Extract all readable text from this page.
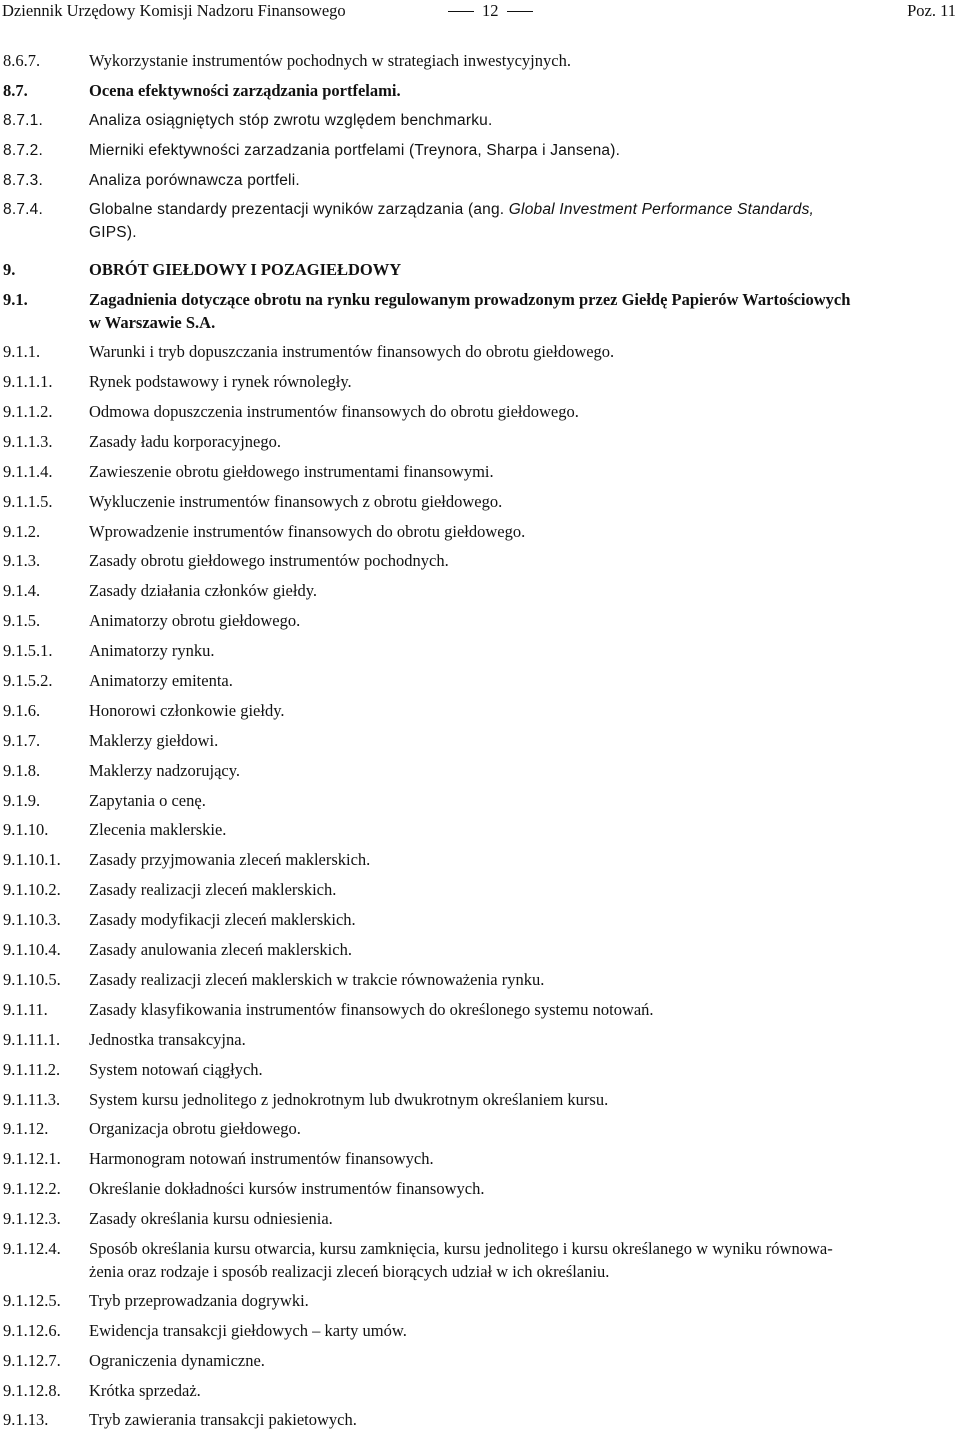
Dziennik Urzędowy Komisji Nadzoru Finansowego	12	Poz. 11
8.6.7.	Wykorzystanie instrumentów pochodnych w strategiach inwestycyjnych.
8.7.	Ocena efektywności zarządzania portfelami.
8.7.1.	Analiza osiągniętych stóp zwrotu względem benchmarku.
8.7.2.	Mierniki efektywności zarzadzania portfelami (Treynora, Sharpa i Jansena).
8.7.3.	Analiza porównawcza portfeli.
8.7.4.	Globalne standardy prezentacji wyników zarządzania (ang. Global Investment Performance Standards,
GIPS).
9.	OBRÓT GIEŁDOWY I POZAGIEŁDOWY
9.1.	Zagadnienia dotyczące obrotu na rynku regulowanym prowadzonym przez Giełdę Papierów Wartościowych
w Warszawie S.A.
9.1.1.	Warunki i tryb dopuszczania instrumentów finansowych do obrotu giełdowego.
9.1.1.1.	Rynek podstawowy i rynek równoległy.
9.1.1.2.	Odmowa dopuszczenia instrumentów finansowych do obrotu giełdowego.
9.1.1.3.	Zasady ładu korporacyjnego.
9.1.1.4.	Zawieszenie obrotu giełdowego instrumentami finansowymi.
9.1.1.5.	Wykluczenie instrumentów finansowych z obrotu giełdowego.
9.1.2.	Wprowadzenie instrumentów finansowych do obrotu giełdowego.
9.1.3.	Zasady obrotu giełdowego instrumentów pochodnych.
9.1.4.	Zasady działania członków giełdy.
9.1.5.	Animatorzy obrotu giełdowego.
9.1.5.1.	Animatorzy rynku.
9.1.5.2.	Animatorzy emitenta.
9.1.6.	Honorowi członkowie giełdy.
9.1.7.	Maklerzy giełdowi.
9.1.8.	Maklerzy nadzorujący.
9.1.9.	Zapytania o cenę.
9.1.10.	Zlecenia maklerskie.
9.1.10.1.	Zasady przyjmowania zleceń maklerskich.
9.1.10.2.	Zasady realizacji zleceń maklerskich.
9.1.10.3.	Zasady modyfikacji zleceń maklerskich.
9.1.10.4.	Zasady anulowania zleceń maklerskich.
9.1.10.5.	Zasady realizacji zleceń maklerskich w trakcie równoważenia rynku.
9.1.11.	Zasady klasyfikowania instrumentów finansowych do określonego systemu notowań.
9.1.11.1.	Jednostka transakcyjna.
9.1.11.2.	System notowań ciągłych.
9.1.11.3.	System kursu jednolitego z jednokrotnym lub dwukrotnym określaniem kursu.
9.1.12.	Organizacja obrotu giełdowego.
9.1.12.1.	Harmonogram notowań instrumentów finansowych.
9.1.12.2.	Określanie dokładności kursów instrumentów finansowych.
9.1.12.3.	Zasady określania kursu odniesienia.
9.1.12.4.	Sposób określania kursu otwarcia, kursu zamknięcia, kursu jednolitego i kursu określanego w wyniku równowa-
żenia oraz rodzaje i sposób realizacji zleceń biorących udział w ich określaniu.
9.1.12.5.	Tryb przeprowadzania dogrywki.
9.1.12.6.	Ewidencja transakcji giełdowych – karty umów.
9.1.12.7.	Ograniczenia dynamiczne.
9.1.12.8.	Krótka sprzedaż.
9.1.13.	Tryb zawierania transakcji pakietowych.
